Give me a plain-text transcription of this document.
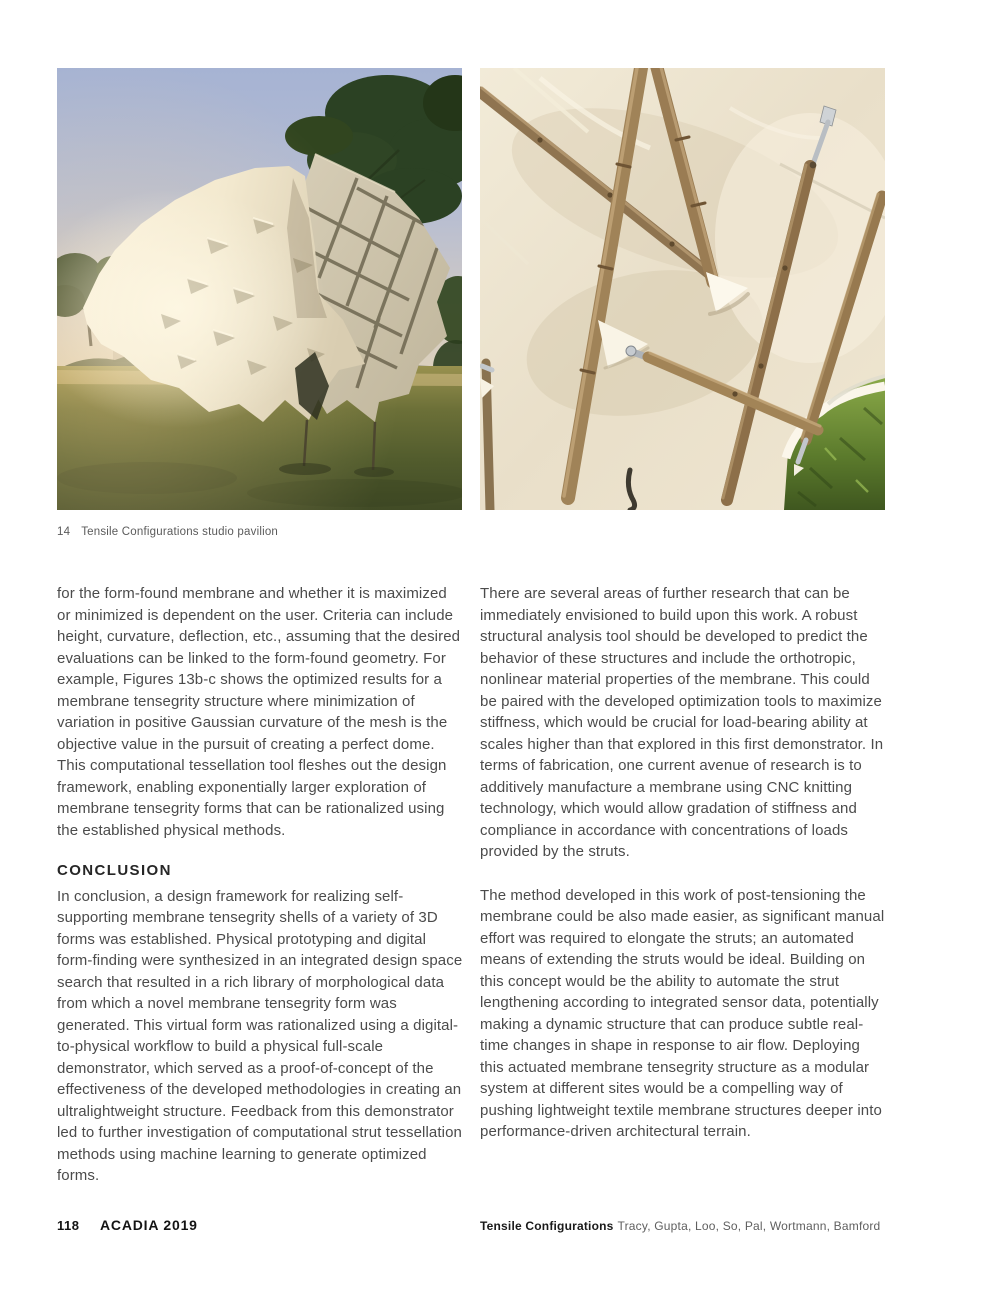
14 Tensile Configurations studio pavilion

for the form-found membrane and whether it is maximized or minimized is dependent on the user. Criteria can include height, curvature, deflection, etc., assuming that the desired evaluations can be linked to the form-found geometry. For example, Figures 13b-c shows the optimized results for a membrane tensegrity structure where minimization of variation in positive Gaussian curvature of the mesh is the objective value in the pursuit of creating a perfect dome. This computational tessellation tool fleshes out the design framework, enabling exponentially larger exploration of membrane tensegrity forms that can be rationalized using the established physical methods.

CONCLUSION

In conclusion, a design framework for realizing self-supporting membrane tensegrity shells of a variety of 3D forms was established. Physical prototyping and digital form-finding were synthesized in an integrated design space search that resulted in a rich library of morphological data from which a novel membrane tensegrity form was generated. This virtual form was rationalized using a digital-to-physical workflow to build a physical full-scale demonstrator, which served as a proof-of-concept of the effectiveness of the developed methodologies in creating an ultralightweight structure. Feedback from this demonstrator led to further investigation of computational strut tessellation methods using machine learning to generate optimized forms.

There are several areas of further research that can be immediately envisioned to build upon this work. A robust structural analysis tool should be developed to predict the behavior of these structures and include the orthotropic, nonlinear material properties of the membrane. This could be paired with the developed optimization tools to maximize stiffness, which would be crucial for load-bearing ability at scales higher than that explored in this first demonstrator. In terms of fabrication, one current avenue of research is to additively manufacture a membrane using CNC knitting technology, which would allow gradation of stiffness and compliance in accordance with concentrations of loads provided by the struts.

The method developed in this work of post-tensioning the membrane could be also made easier, as significant manual effort was required to elongate the struts; an automated means of extending the struts would be ideal. Building on this concept would be the ability to automate the strut lengthening according to integrated sensor data, potentially making a dynamic structure that can produce subtle real-time changes in shape in response to air flow. Deploying this actuated membrane tensegrity structure as a modular system at different sites would be a compelling way of pushing lightweight textile membrane structures deeper into performance-driven architectural terrain.

118 ACADIA 2019	Tensile Configurations Tracy, Gupta, Loo, So, Pal, Wortmann, Bamford
